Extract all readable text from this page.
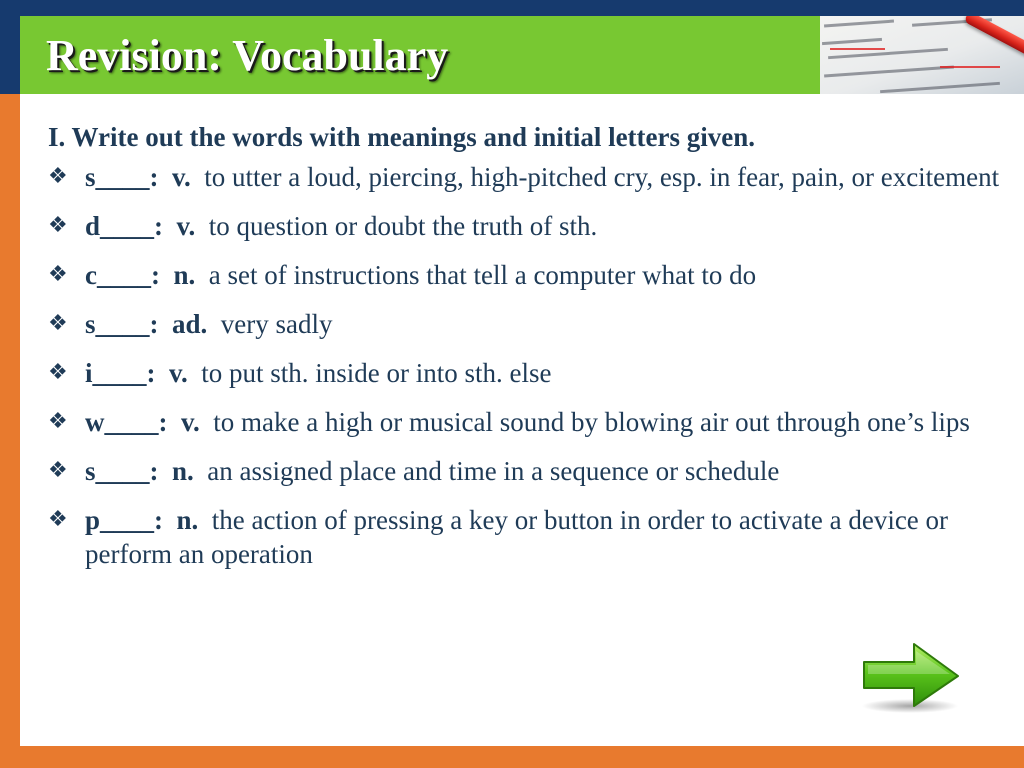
Revision: Vocabulary
I. Write out the words with meanings and initial letters given.
❖ s____: v. to utter a loud, piercing, high-pitched cry, esp. in fear, pain, or excitement
❖ d____: v. to question or doubt the truth of sth.
❖ c____: n. a set of instructions that tell a computer what to do
❖ s____: ad. very sadly
❖ i____: v. to put sth. inside or into sth. else
❖ w____: v. to make a high or musical sound by blowing air out through one’s lips
❖ s____: n. an assigned place and time in a sequence or schedule
❖ p____: n. the action of pressing a key or button in order to activate a device or perform an operation
